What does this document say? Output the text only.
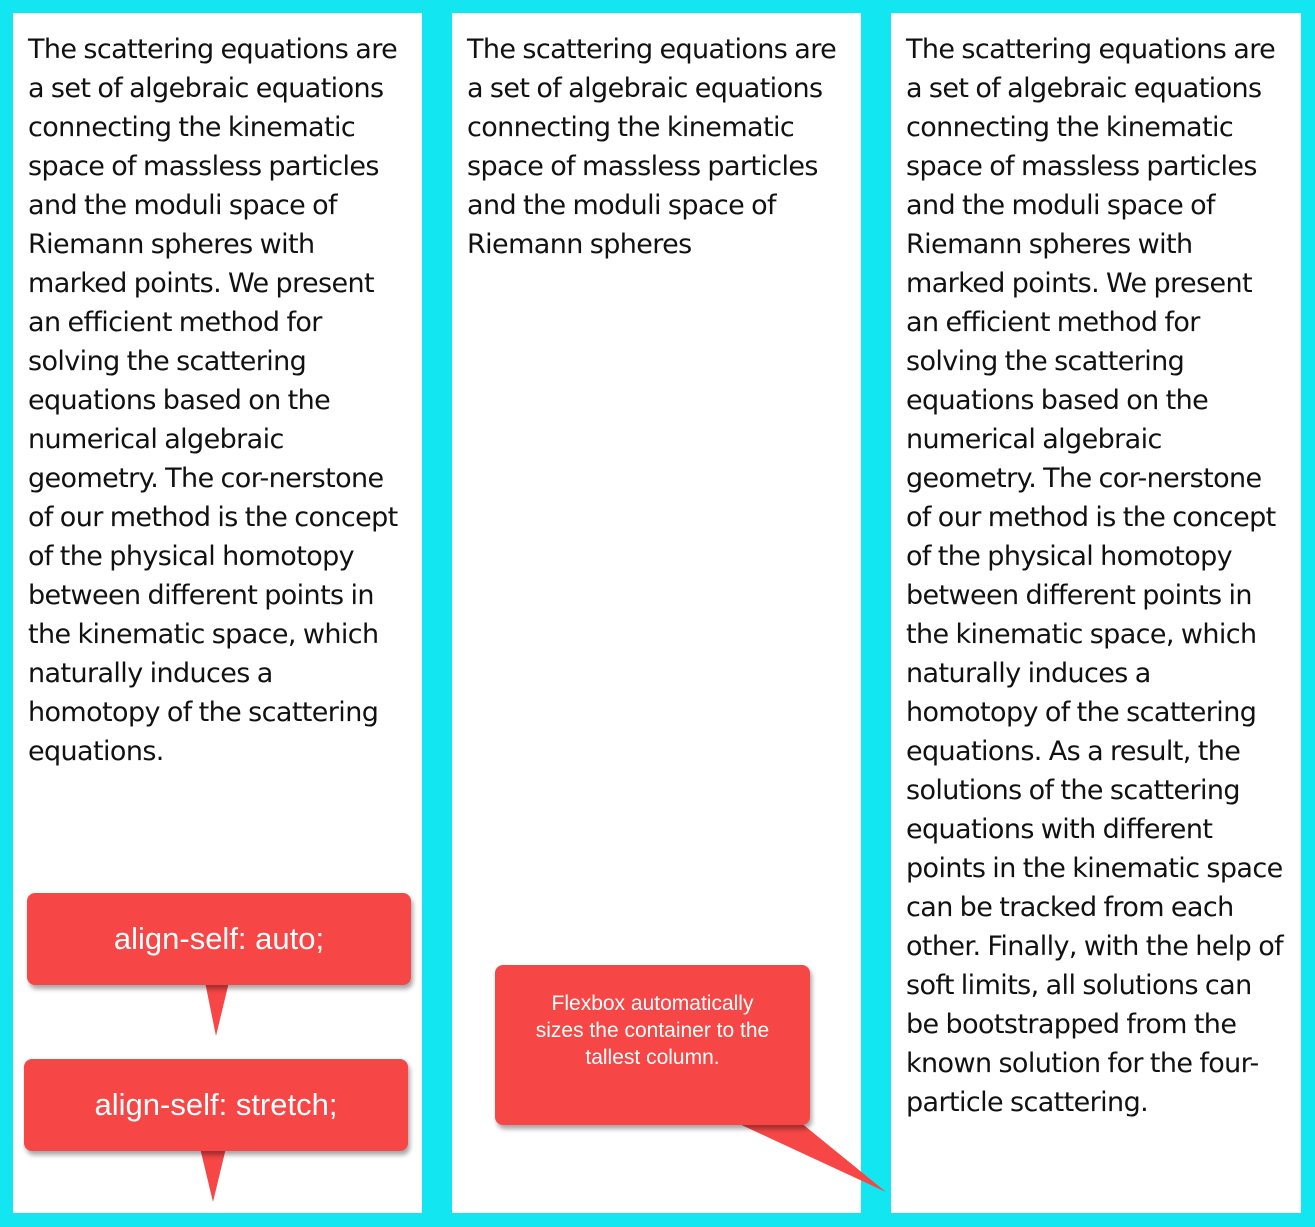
The scattering equations are a set of algebraic equations connecting the kinematic space of massless particles and the moduli space of Riemann spheres with marked points. We present an efficient method for solving the scattering equations based on the numerical algebraic geometry. The cor-nerstone of our method is the concept of the physical homotopy between different points in the kinematic space, which naturally induces a homotopy of the scattering equations.

The scattering equations are a set of algebraic equations connecting the kinematic space of massless particles and the moduli space of Riemann spheres

The scattering equations are a set of algebraic equations connecting the kinematic space of massless particles and the moduli space of Riemann spheres with marked points. We present an efficient method for solving the scattering equations based on the numerical algebraic geometry. The cor-nerstone of our method is the concept of the physical homotopy between different points in the kinematic space, which naturally induces a homotopy of the scattering equations. As a result, the solutions of the scattering equations with different points in the kinematic space can be tracked from each other. Finally, with the help of soft limits, all solutions can be bootstrapped from the known solution for the four-particle scattering.

align-self: auto;
align-self: stretch;
Flexbox automatically sizes the container to the tallest column.
